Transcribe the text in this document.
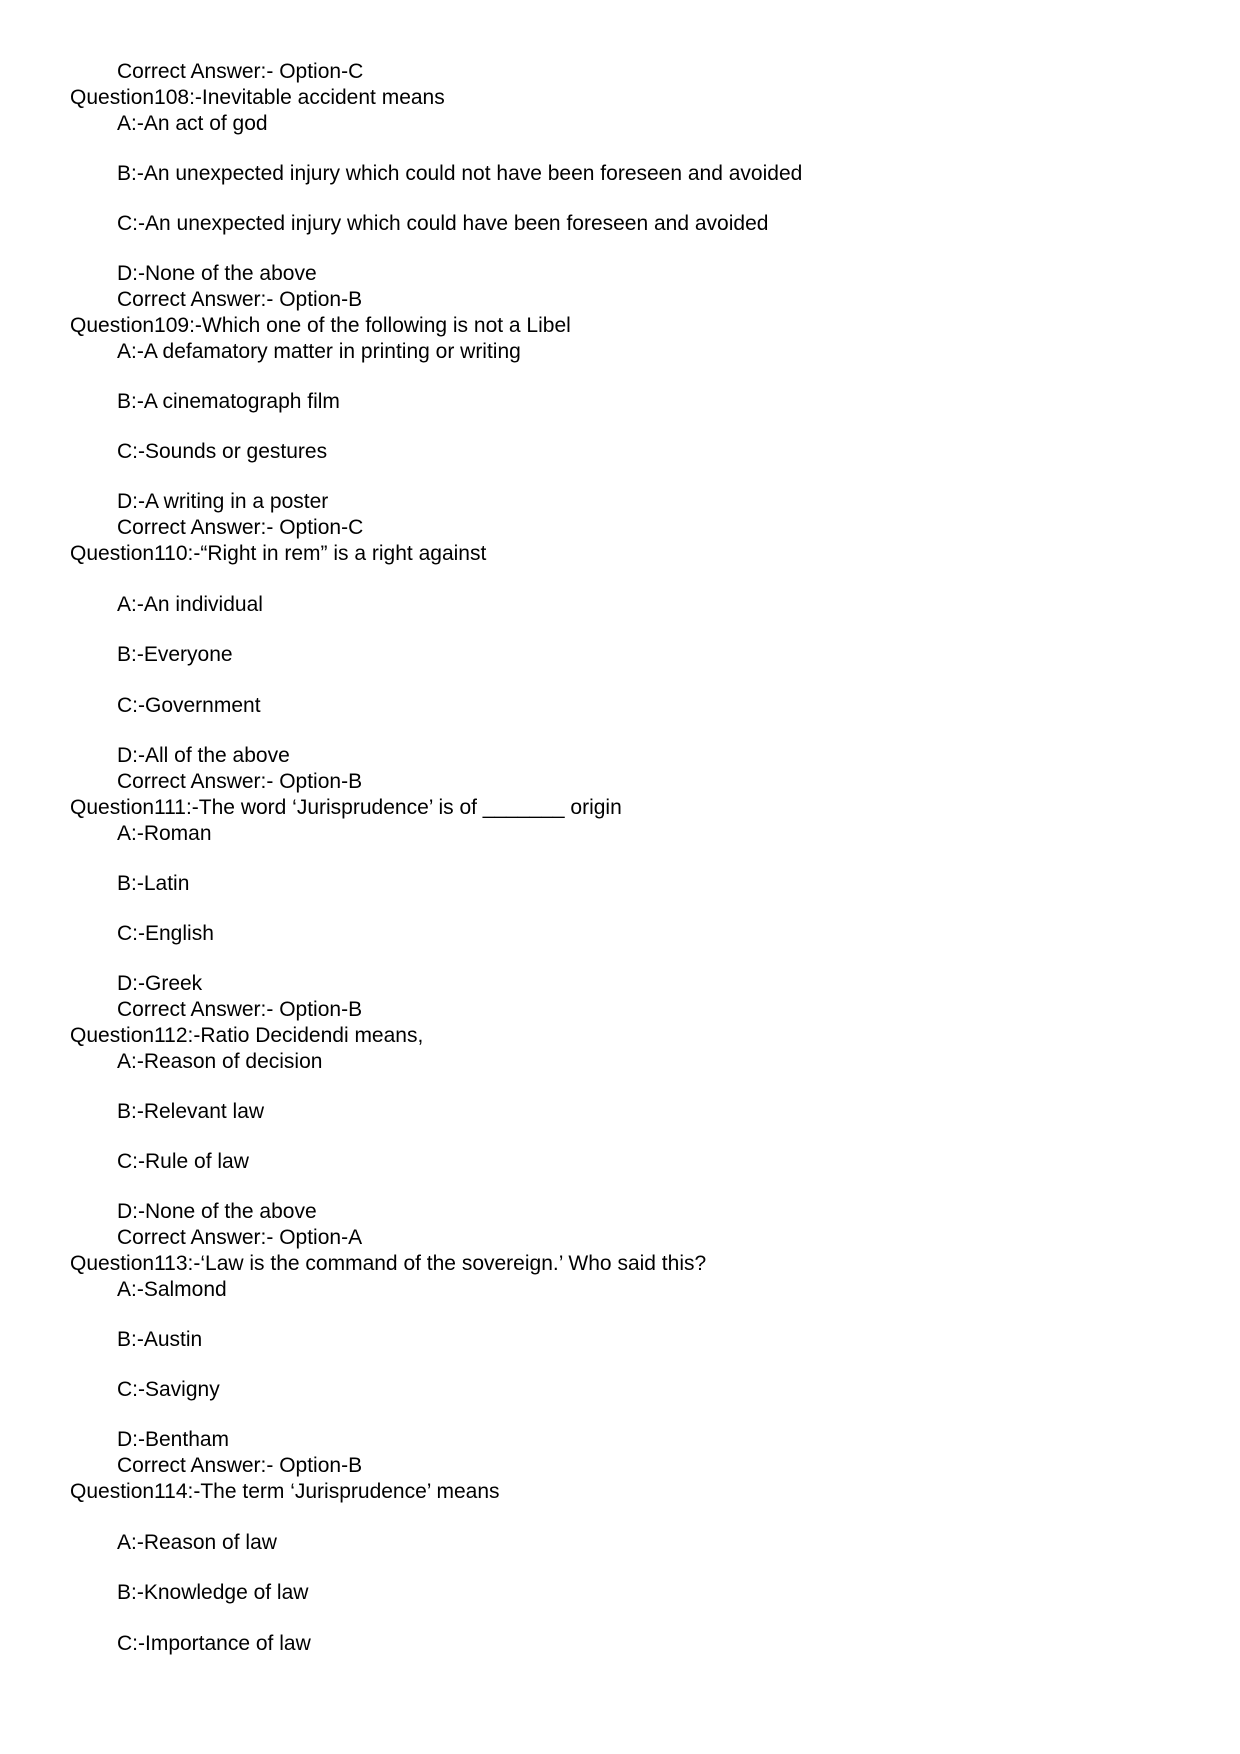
Correct Answer:- Option-C
Question108:-Inevitable accident means
A:-An act of god
B:-An unexpected injury which could not have been foreseen and avoided
C:-An unexpected injury which could have been foreseen and avoided
D:-None of the above
Correct Answer:- Option-B
Question109:-Which one of the following is not a Libel
A:-A defamatory matter in printing or writing
B:-A cinematograph film
C:-Sounds or gestures
D:-A writing in a poster
Correct Answer:- Option-C
Question110:-“Right in rem” is a right against
A:-An individual
B:-Everyone
C:-Government
D:-All of the above
Correct Answer:- Option-B
Question111:-The word ‘Jurisprudence’ is of _______ origin
A:-Roman
B:-Latin
C:-English
D:-Greek
Correct Answer:- Option-B
Question112:-Ratio Decidendi means,
A:-Reason of decision
B:-Relevant law
C:-Rule of law
D:-None of the above
Correct Answer:- Option-A
Question113:-‘Law is the command of the sovereign.’ Who said this?
A:-Salmond
B:-Austin
C:-Savigny
D:-Bentham
Correct Answer:- Option-B
Question114:-The term ‘Jurisprudence’ means
A:-Reason of law
B:-Knowledge of law
C:-Importance of law
